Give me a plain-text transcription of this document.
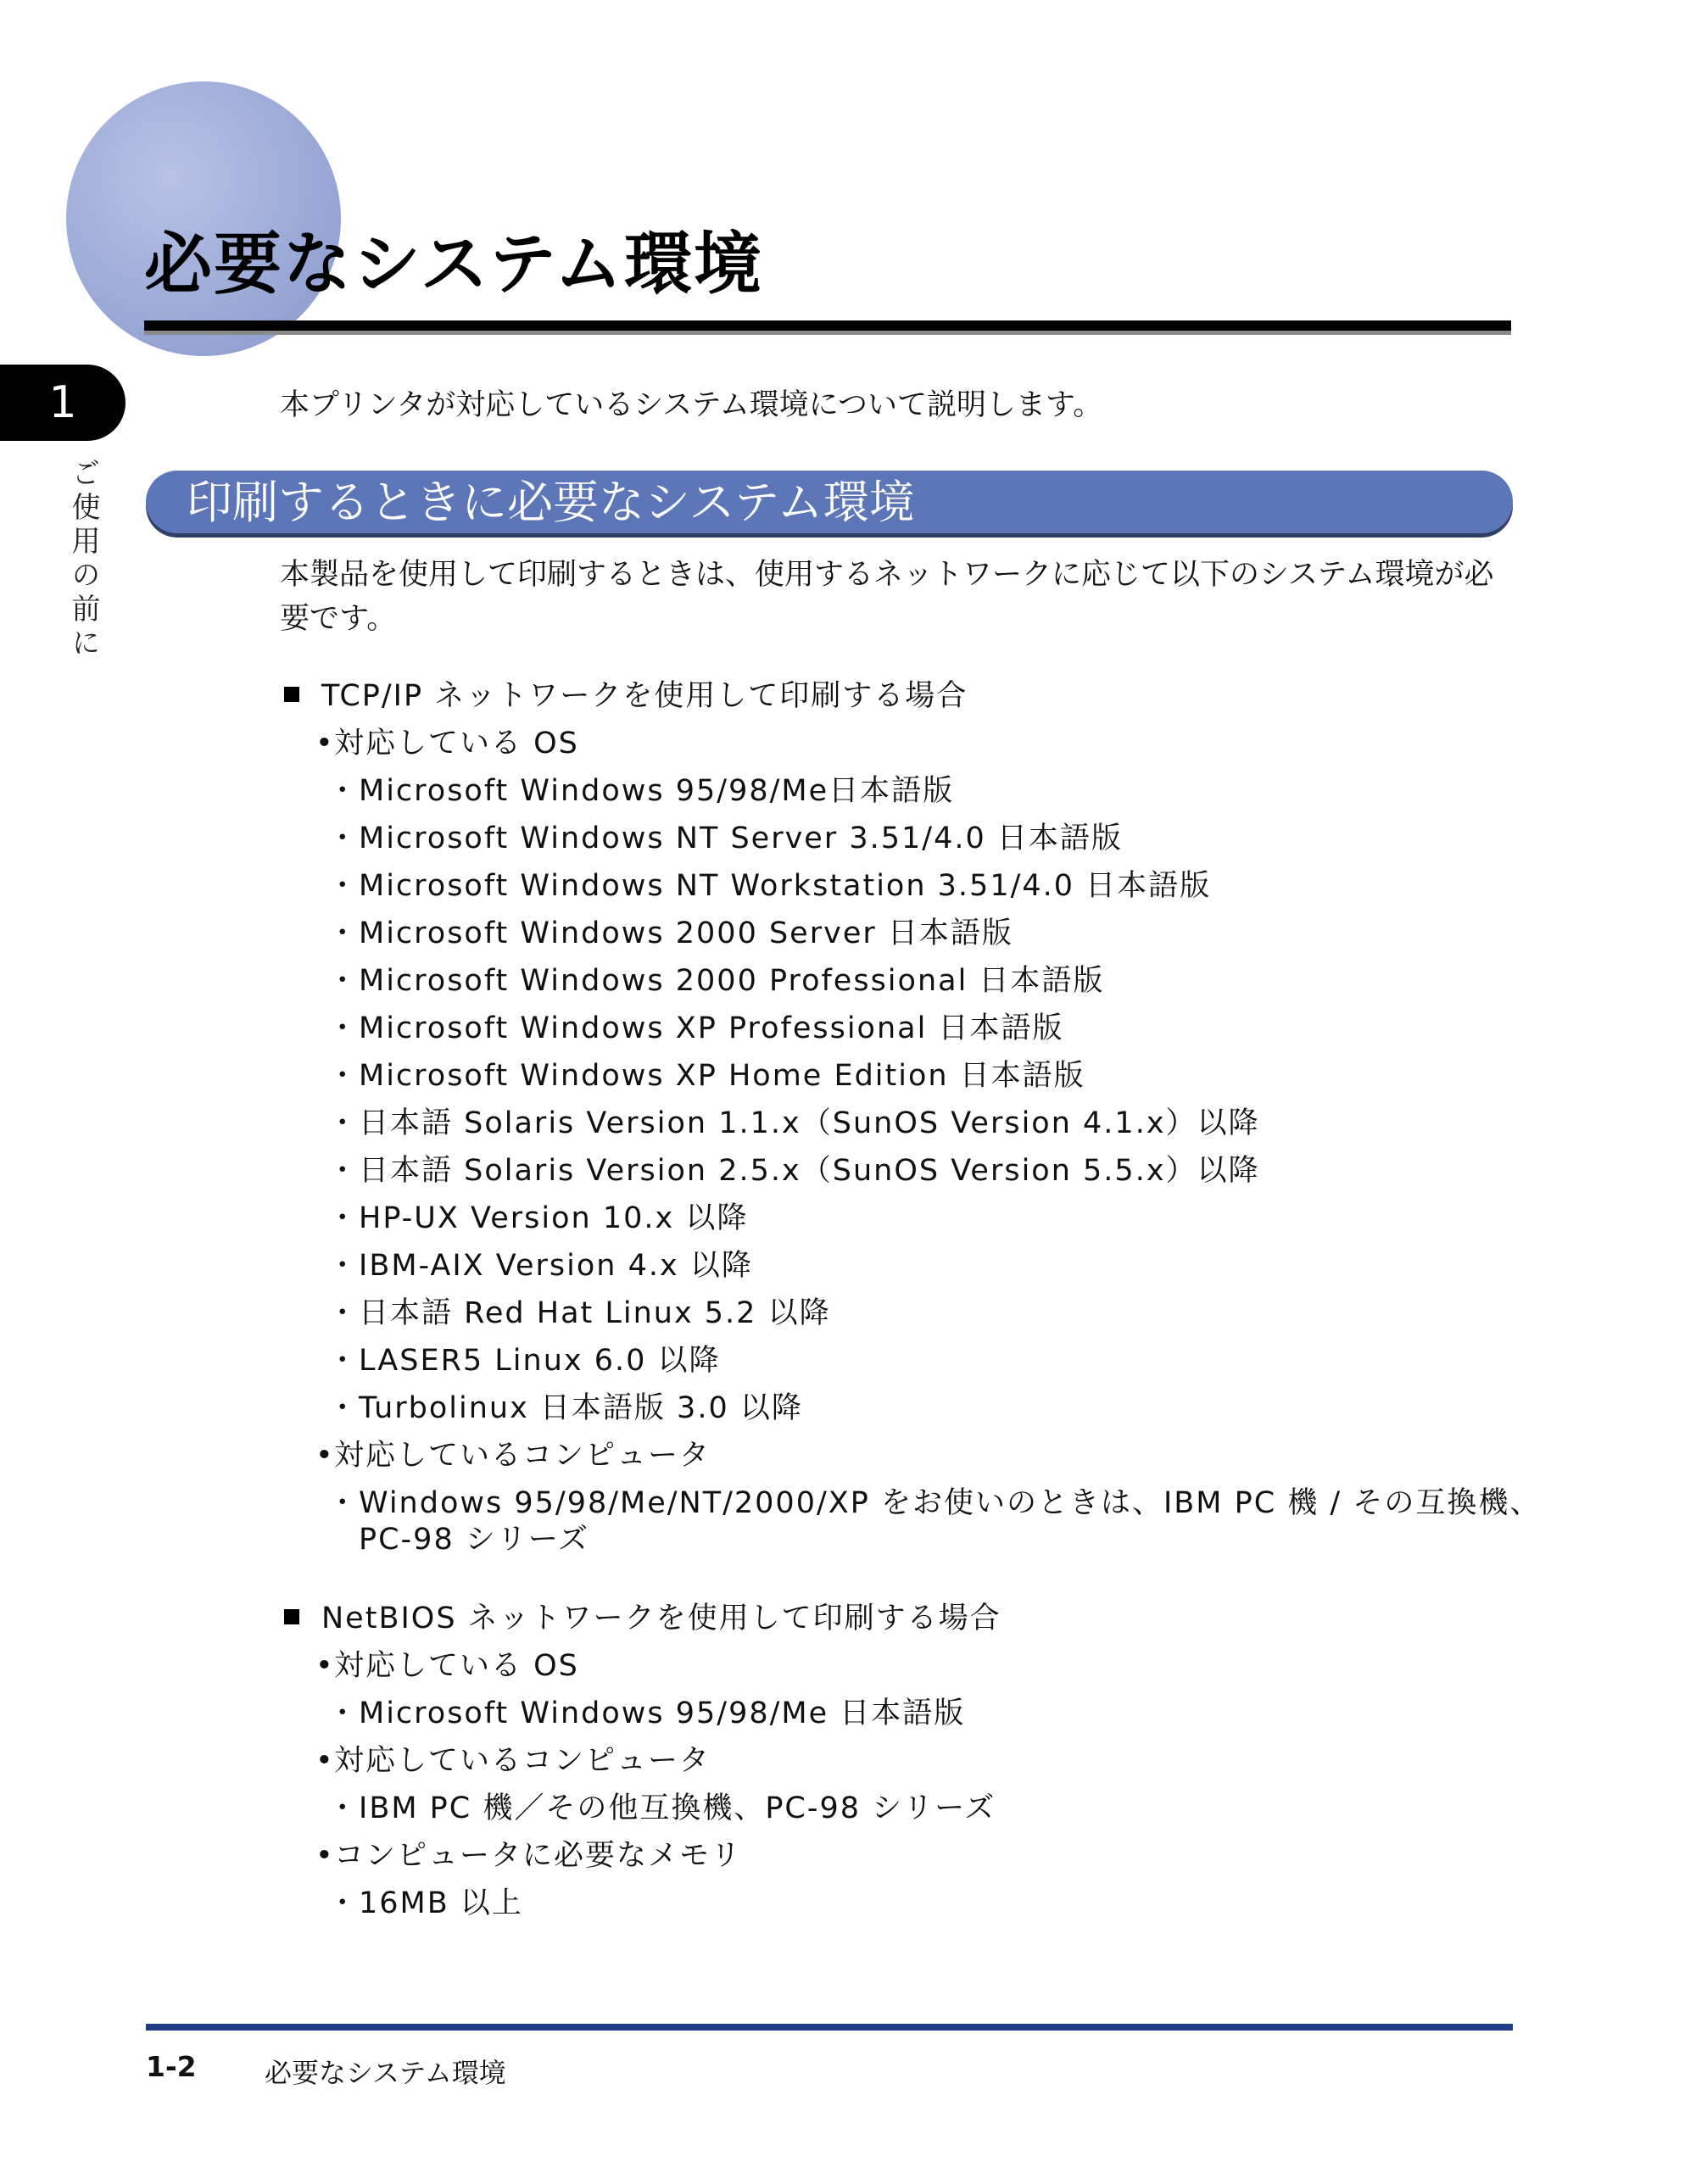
必要なシステム環境
1
ご使用の前に

本プリンタが対応しているシステム環境について説明します。

印刷するときに必要なシステム環境

本製品を使用して印刷するときは、使用するネットワークに応じて以下のシステム環境が必要です。

TCP/IP ネットワークを使用して印刷する場合

•対応している OS

･ Microsoft Windows 95/98/Me日本語版

･ Microsoft Windows NT Server 3.51/4.0 日本語版

･ Microsoft Windows NT Workstation 3.51/4.0 日本語版

･ Microsoft Windows 2000 Server 日本語版

･ Microsoft Windows 2000 Professional 日本語版

･ Microsoft Windows XP Professional 日本語版

･ Microsoft Windows XP Home Edition 日本語版

･ 日本語 Solaris Version 1.1.x（SunOS Version 4.1.x）以降

･ 日本語 Solaris Version 2.5.x（SunOS Version 5.5.x）以降

･ HP-UX Version 10.x 以降

･ IBM-AIX Version 4.x 以降

･ 日本語 Red Hat Linux 5.2 以降

･ LASER5 Linux 6.0 以降

･ Turbolinux 日本語版 3.0 以降

•対応しているコンピュータ

･ Windows 95/98/Me/NT/2000/XP をお使いのときは、IBM PC 機 / その互換機、

PC-98 シリーズ

NetBIOS ネットワークを使用して印刷する場合

•対応している OS

･ Microsoft Windows 95/98/Me 日本語版

•対応しているコンピュータ

･ IBM PC 機／その他互換機、PC-98 シリーズ

•コンピュータに必要なメモリ

･ 16MB 以上

1-2	必要なシステム環境
